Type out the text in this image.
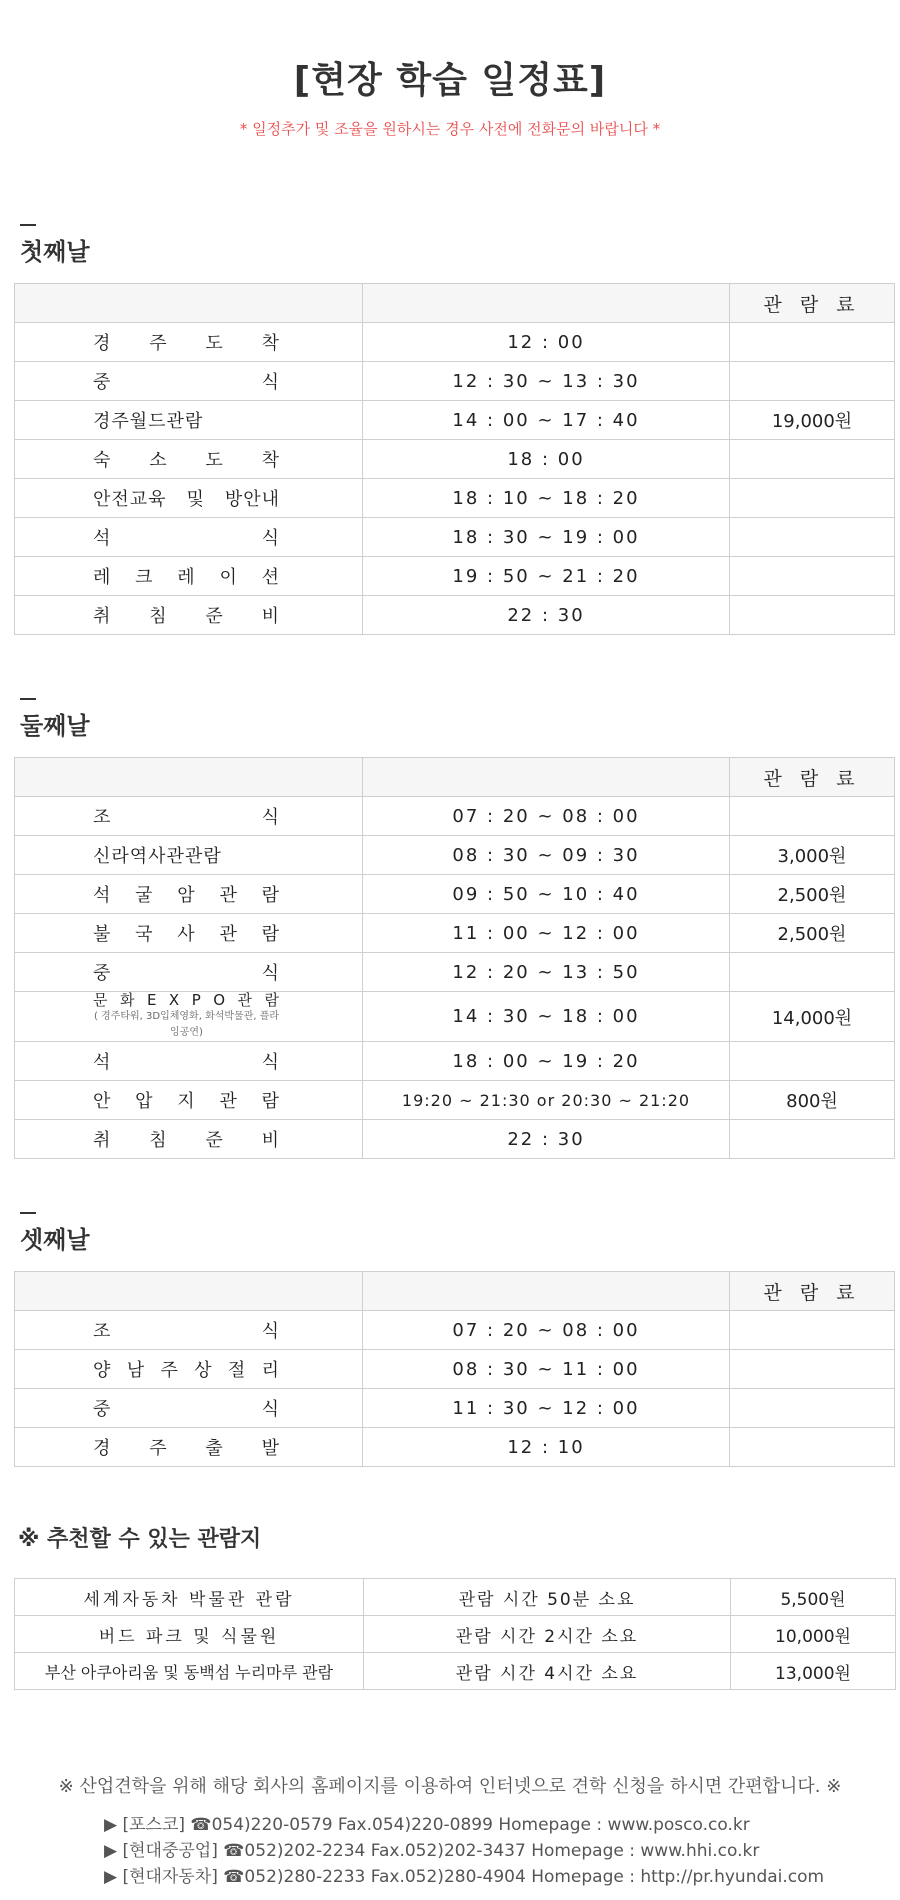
[현장 학습 일정표]
* 일정추가 및 조율을 원하시는 경우 사전에 전화문의 바랍니다 *
첫째날
		관 람 료
경 주 도 착	12 : 00	
중 식	12 : 30 ~ 13 : 30	
경주월드관람	14 : 00 ~ 17 : 40	19,000원
숙 소 도 착	18 : 00	
안전교육 및 방안내	18 : 10 ~ 18 : 20	
석 식	18 : 30 ~ 19 : 00	
레 크 레 이 션	19 : 50 ~ 21 : 20	
취 침 준 비	22 : 30	
둘째날
		관 람 료
조 식	07 : 20 ~ 08 : 00	
신라역사관관람	08 : 30 ~ 09 : 30	3,000원
석 굴 암 관 람	09 : 50 ~ 10 : 40	2,500원
불 국 사 관 람	11 : 00 ~ 12 : 00	2,500원
중 식	12 : 20 ~ 13 : 50	

문 화 E X P O 관 람
( 경주타워, 3D입체영화, 화석박물관, 플라잉공연)	14 : 30 ~ 18 : 00	14,000원
석 식	18 : 00 ~ 19 : 20	
안 압 지 관 람	19:20 ~ 21:30 or 20:30 ~ 21:20	800원
취 침 준 비	22 : 30	
셋째날
		관 람 료
조 식	07 : 20 ~ 08 : 00	
양 남 주 상 절 리	08 : 30 ~ 11 : 00	
중 식	11 : 30 ~ 12 : 00	
경 주 출 발	12 : 10	
※ 추천할 수 있는 관람지
세계자동차 박물관 관람	관람 시간 50분 소요	5,500원
버드 파크 및 식물원	관람 시간 2시간 소요	10,000원
부산 아쿠아리움 및 동백섬 누리마루 관람	관람 시간 4시간 소요	13,000원
※ 산업견학을 위해 해당 회사의 홈페이지를 이용하여 인터넷으로 견학 신청을 하시면 간편합니다. ※
▶ [포스코] ☎054)220-0579 Fax.054)220-0899 Homepage : www.posco.co.kr
▶ [현대중공업] ☎052)202-2234 Fax.052)202-3437 Homepage : www.hhi.co.kr
▶ [현대자동차] ☎052)280-2233 Fax.052)280-4904 Homepage : http://pr.hyundai.com
